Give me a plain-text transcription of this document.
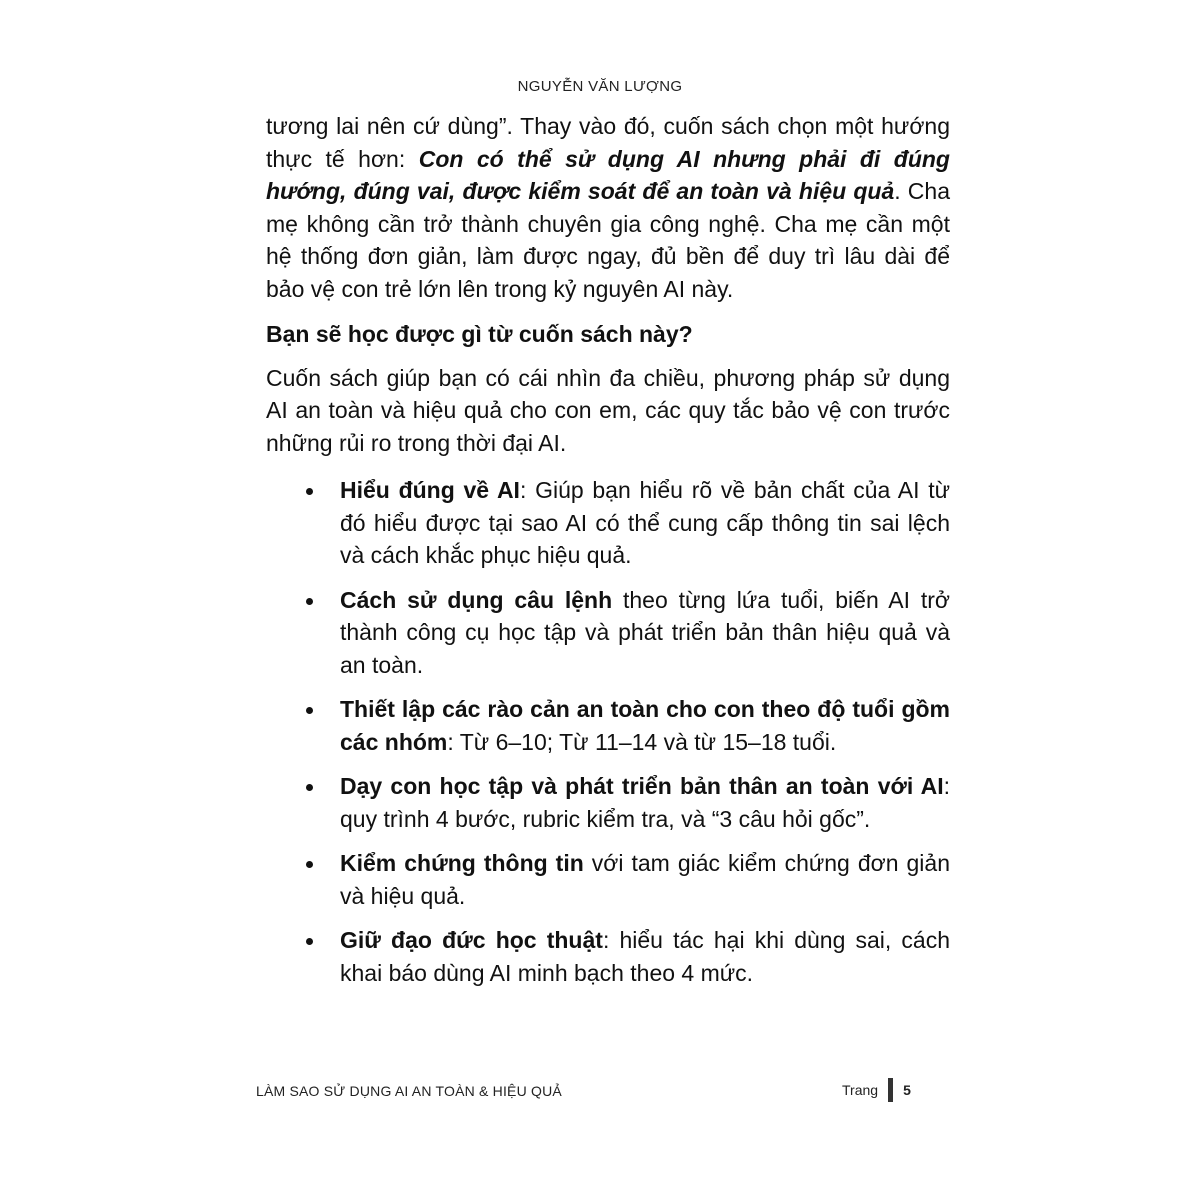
NGUYỄN VĂN LƯỢNG

tương lai nên cứ dùng”. Thay vào đó, cuốn sách chọn một hướng thực tế hơn: Con có thể sử dụng AI nhưng phải đi đúng hướng, đúng vai, được kiểm soát để an toàn và hiệu quả. Cha mẹ không cần trở thành chuyên gia công nghệ. Cha mẹ cần một hệ thống đơn giản, làm được ngay, đủ bền để duy trì lâu dài để bảo vệ con trẻ lớn lên trong kỷ nguyên AI này.

Bạn sẽ học được gì từ cuốn sách này?

Cuốn sách giúp bạn có cái nhìn đa chiều, phương pháp sử dụng AI an toàn và hiệu quả cho con em, các quy tắc bảo vệ con trước những rủi ro trong thời đại AI.

Hiểu đúng về AI: Giúp bạn hiểu rõ về bản chất của AI từ đó hiểu được tại sao AI có thể cung cấp thông tin sai lệch và cách khắc phục hiệu quả.
Cách sử dụng câu lệnh theo từng lứa tuổi, biến AI trở thành công cụ học tập và phát triển bản thân hiệu quả và an toàn.
Thiết lập các rào cản an toàn cho con theo độ tuổi gồm các nhóm: Từ 6–10; Từ 11–14 và từ 15–18 tuổi.
Dạy con học tập và phát triển bản thân an toàn với AI: quy trình 4 bước, rubric kiểm tra, và “3 câu hỏi gốc”.
Kiểm chứng thông tin với tam giác kiểm chứng đơn giản và hiệu quả.
Giữ đạo đức học thuật: hiểu tác hại khi dùng sai, cách khai báo dùng AI minh bạch theo 4 mức.
LÀM SAO SỬ DỤNG AI AN TOÀN & HIỆU QUẢ	Trang 5
